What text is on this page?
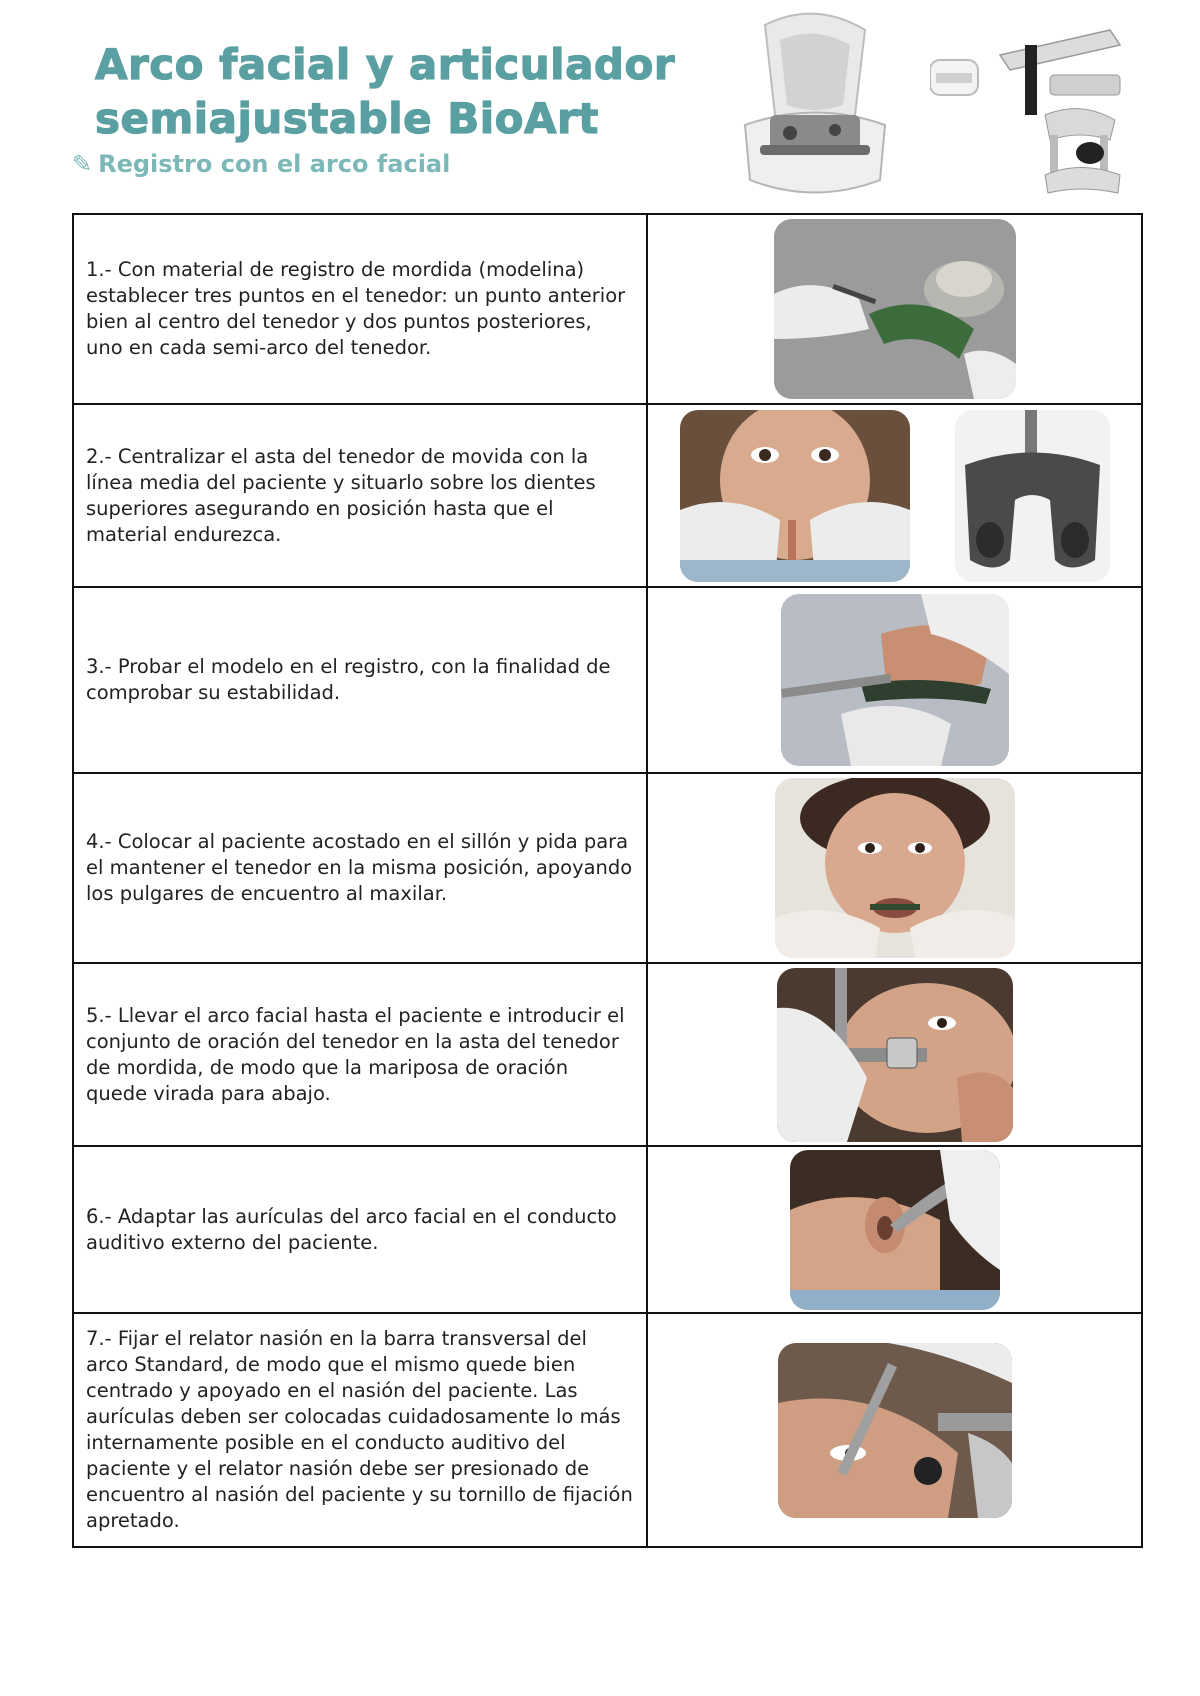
Arco facial y articulador
semiajustable BioArt
✎ Registro con el arco facial
1.- Con material de registro de mordida (modelina) establecer tres puntos en el tenedor: un punto anterior bien al centro del tenedor y dos puntos posteriores, uno en cada semi-arco del tenedor.	

2.- Centralizar el asta del tenedor de movida con la línea media del paciente y situarlo sobre los dientes superiores asegurando en posición hasta que el material endurezca.	

3.- Probar el modelo en el registro, con la finalidad de comprobar su estabilidad.	

4.- Colocar al paciente acostado en el sillón y pida para el mantener el tenedor en la misma posición, apoyando los pulgares de encuentro al maxilar.	

5.- Llevar el arco facial hasta el paciente e introducir el conjunto de oración del tenedor en la asta del tenedor de mordida, de modo que la mariposa de oración quede virada para abajo.	

6.- Adaptar las aurículas del arco facial en el conducto auditivo externo del paciente.	

7.- Fijar el relator nasión en la barra transversal del arco Standard, de modo que el mismo quede bien centrado y apoyado en el nasión del paciente. Las aurículas deben ser colocadas cuidadosamente lo más internamente posible en el conducto auditivo del paciente y el relator nasión debe ser presionado de encuentro al nasión del paciente y su tornillo de fijación apretado.	
